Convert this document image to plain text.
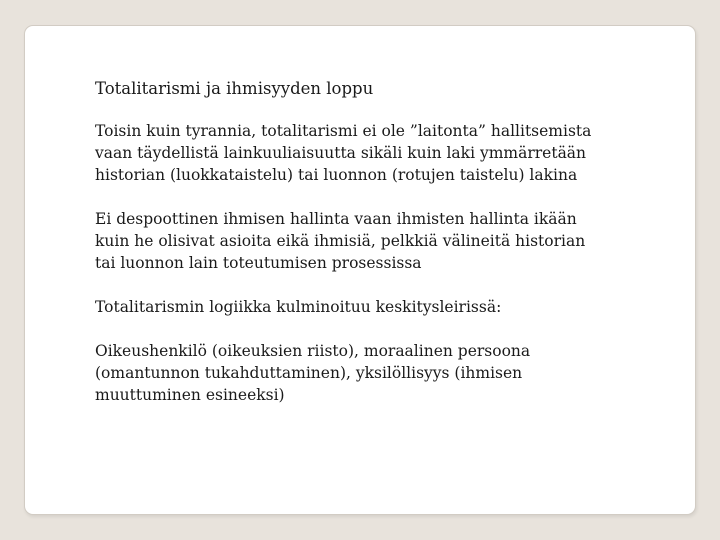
Totalitarismi ja ihmisyyden loppu

Toisin kuin tyrannia, totalitarismi ei ole ”laitonta” hallitsemista
vaan täydellistä lainkuuliaisuutta sikäli kuin laki ymmärretään
historian (luokkataistelu) tai luonnon (rotujen taistelu) lakina

Ei despoottinen ihmisen hallinta vaan ihmisten hallinta ikään
kuin he olisivat asioita eikä ihmisiä, pelkkiä välineitä historian
tai luonnon lain toteutumisen prosessissa

Totalitarismin logiikka kulminoituu keskitysleirissä:

Oikeushenkilö (oikeuksien riisto), moraalinen persoona
(omantunnon tukahduttaminen), yksilöllisyys (ihmisen
muuttuminen esineeksi)
